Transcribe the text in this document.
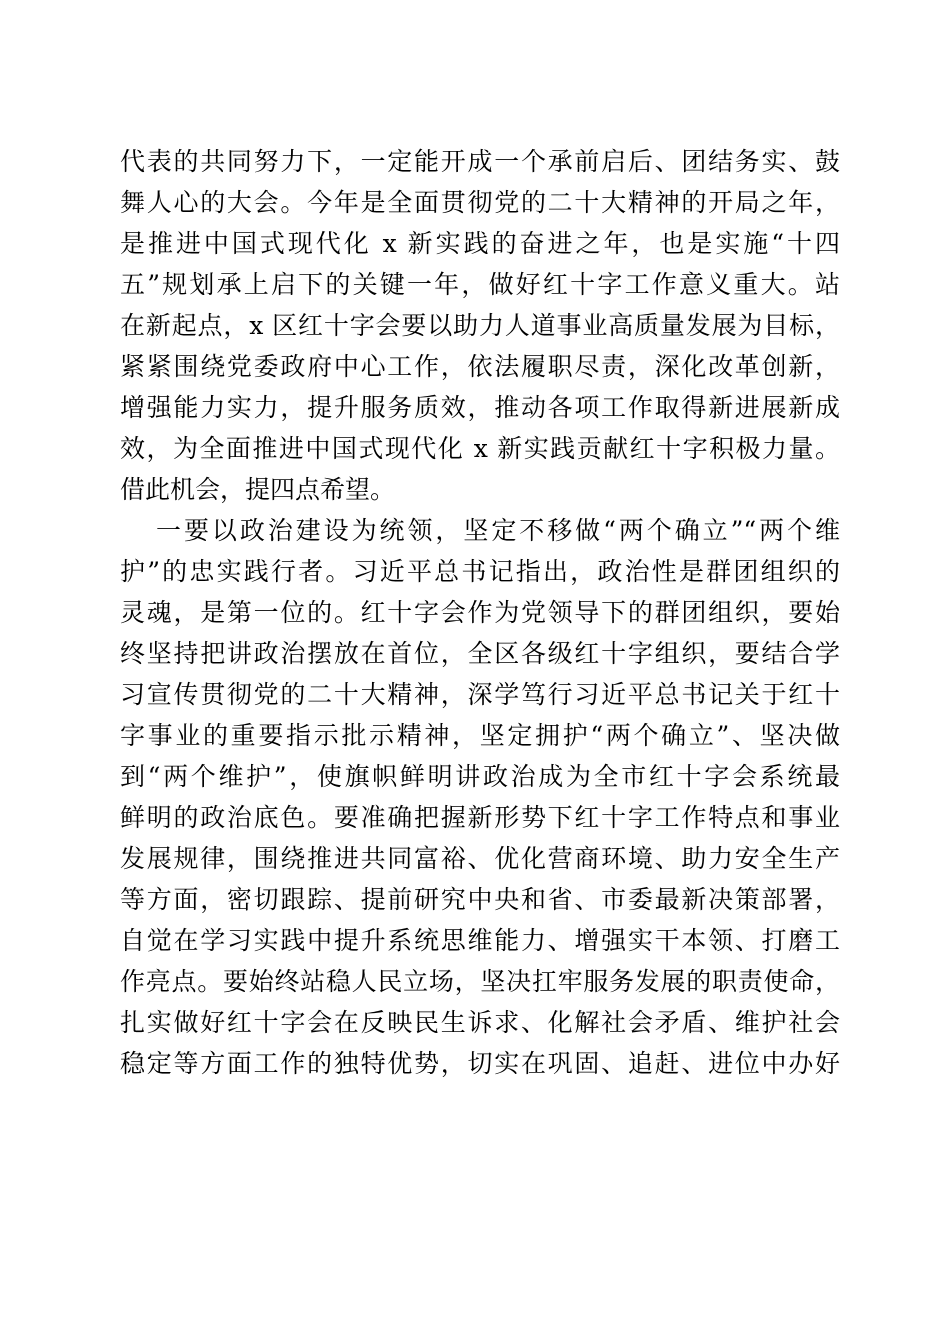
代表的共同努力下，一定能开成一个承前启后、团结务实、鼓
舞人心的大会。今年是全面贯彻党的二十大精神的开局之年，
是推进中国式现代化 x 新实践的奋进之年，也是实施“十四
五”规划承上启下的关键一年，做好红十字工作意义重大。站
在新起点，x 区红十字会要以助力人道事业高质量发展为目标，
紧紧围绕党委政府中心工作，依法履职尽责，深化改革创新，
增强能力实力，提升服务质效，推动各项工作取得新进展新成
效，为全面推进中国式现代化 x 新实践贡献红十字积极力量。
借此机会，提四点希望。
一要以政治建设为统领，坚定不移做“两个确立”“两个维
护”的忠实践行者。习近平总书记指出，政治性是群团组织的
灵魂，是第一位的。红十字会作为党领导下的群团组织，要始
终坚持把讲政治摆放在首位，全区各级红十字组织，要结合学
习宣传贯彻党的二十大精神，深学笃行习近平总书记关于红十
字事业的重要指示批示精神，坚定拥护“两个确立”、坚决做
到“两个维护”，使旗帜鲜明讲政治成为全市红十字会系统最
鲜明的政治底色。要准确把握新形势下红十字工作特点和事业
发展规律，围绕推进共同富裕、优化营商环境、助力安全生产
等方面，密切跟踪、提前研究中央和省、市委最新决策部署，
自觉在学习实践中提升系统思维能力、增强实干本领、打磨工
作亮点。要始终站稳人民立场，坚决扛牢服务发展的职责使命，
扎实做好红十字会在反映民生诉求、化解社会矛盾、维护社会
稳定等方面工作的独特优势，切实在巩固、追赶、进位中办好
